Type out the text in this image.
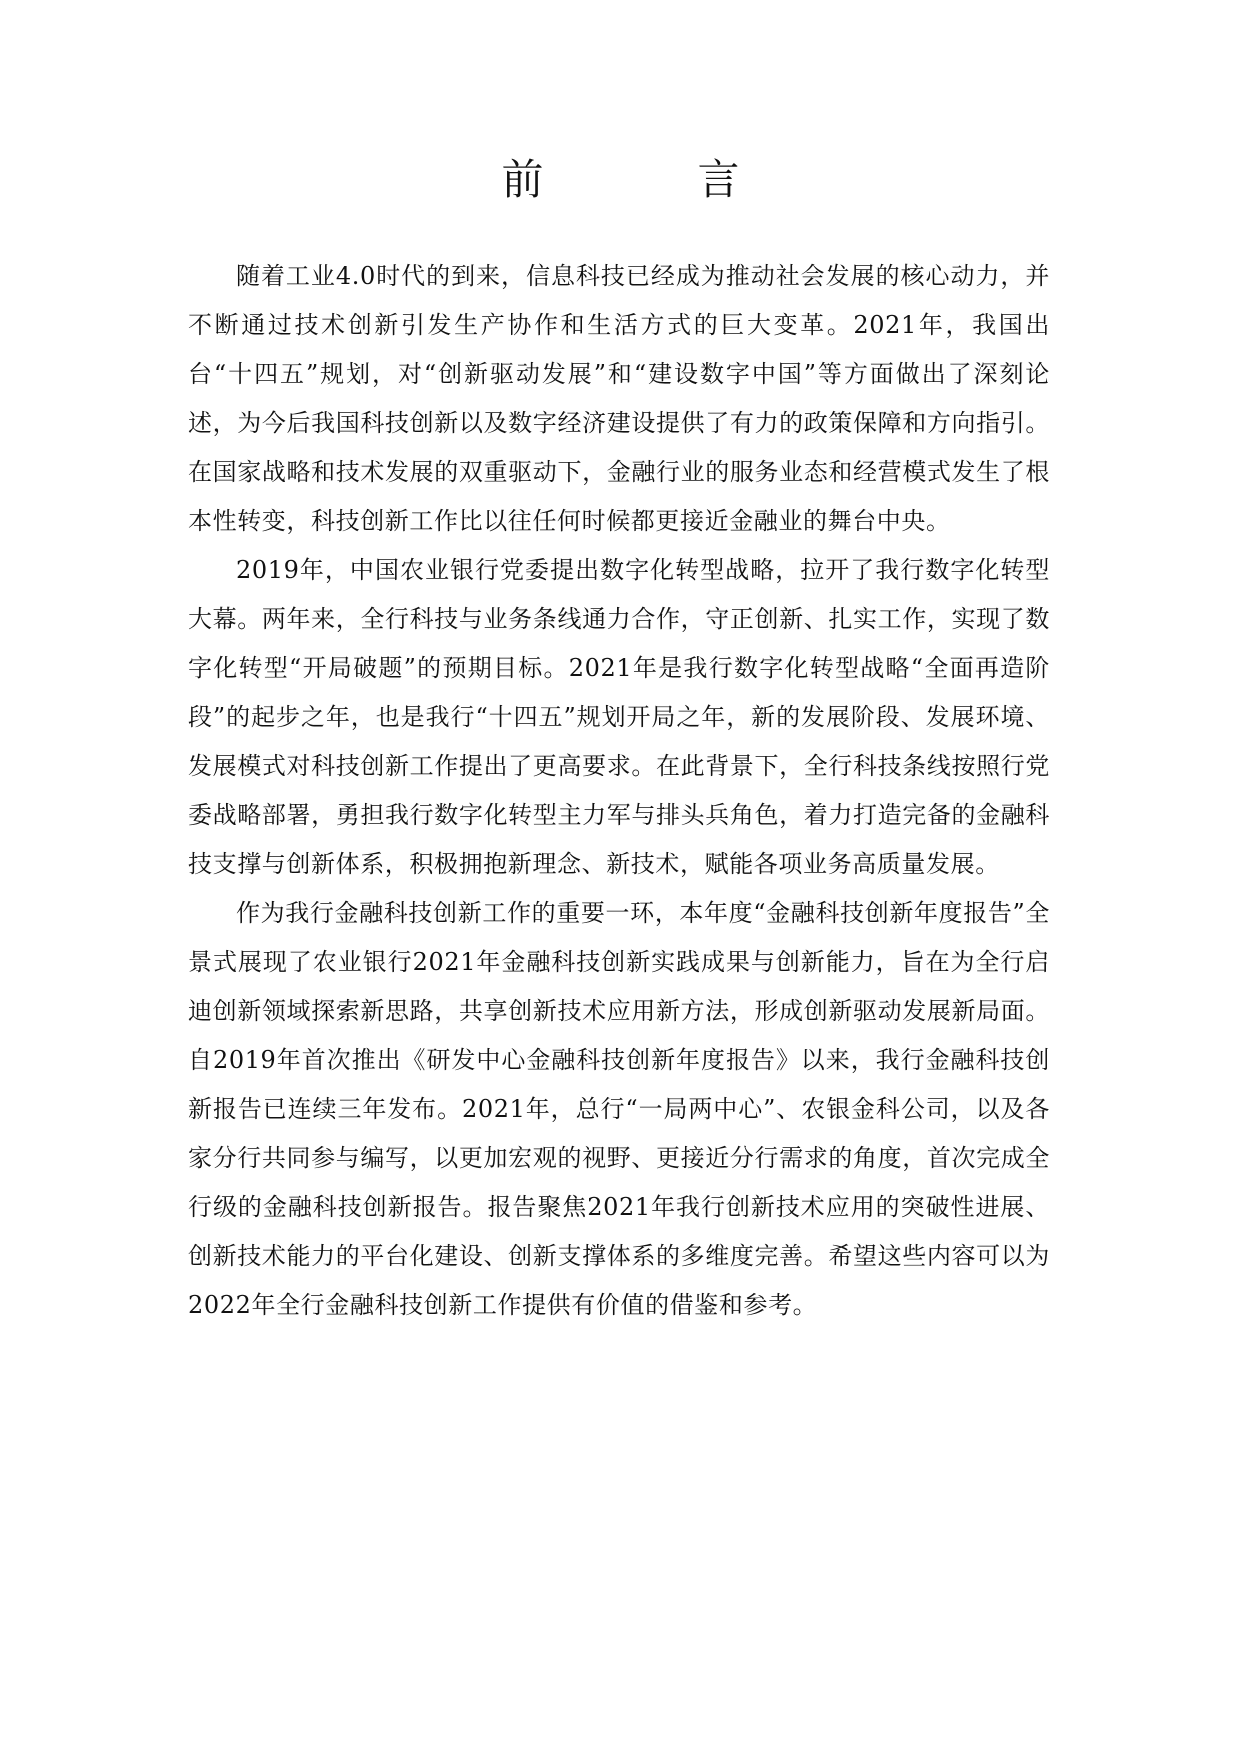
前　言

随着工业4.0时代的到来，信息科技已经成为推动社会发展的核心动力，并不断通过技术创新引发生产协作和生活方式的巨大变革。2021年，我国出台“十四五”规划，对“创新驱动发展”和“建设数字中国”等方面做出了深刻论述，为今后我国科技创新以及数字经济建设提供了有力的政策保障和方向指引。在国家战略和技术发展的双重驱动下，金融行业的服务业态和经营模式发生了根本性转变，科技创新工作比以往任何时候都更接近金融业的舞台中央。

2019年，中国农业银行党委提出数字化转型战略，拉开了我行数字化转型大幕。两年来，全行科技与业务条线通力合作，守正创新、扎实工作，实现了数字化转型“开局破题”的预期目标。2021年是我行数字化转型战略“全面再造阶段”的起步之年，也是我行“十四五”规划开局之年，新的发展阶段、发展环境、发展模式对科技创新工作提出了更高要求。在此背景下，全行科技条线按照行党委战略部署，勇担我行数字化转型主力军与排头兵角色，着力打造完备的金融科技支撑与创新体系，积极拥抱新理念、新技术，赋能各项业务高质量发展。

作为我行金融科技创新工作的重要一环，本年度“金融科技创新年度报告”全景式展现了农业银行2021年金融科技创新实践成果与创新能力，旨在为全行启迪创新领域探索新思路，共享创新技术应用新方法，形成创新驱动发展新局面。自2019年首次推出《研发中心金融科技创新年度报告》以来，我行金融科技创新报告已连续三年发布。2021年，总行“一局两中心”、农银金科公司，以及各家分行共同参与编写，以更加宏观的视野、更接近分行需求的角度，首次完成全行级的金融科技创新报告。报告聚焦2021年我行创新技术应用的突破性进展、创新技术能力的平台化建设、创新支撑体系的多维度完善。希望这些内容可以为2022年全行金融科技创新工作提供有价值的借鉴和参考。
